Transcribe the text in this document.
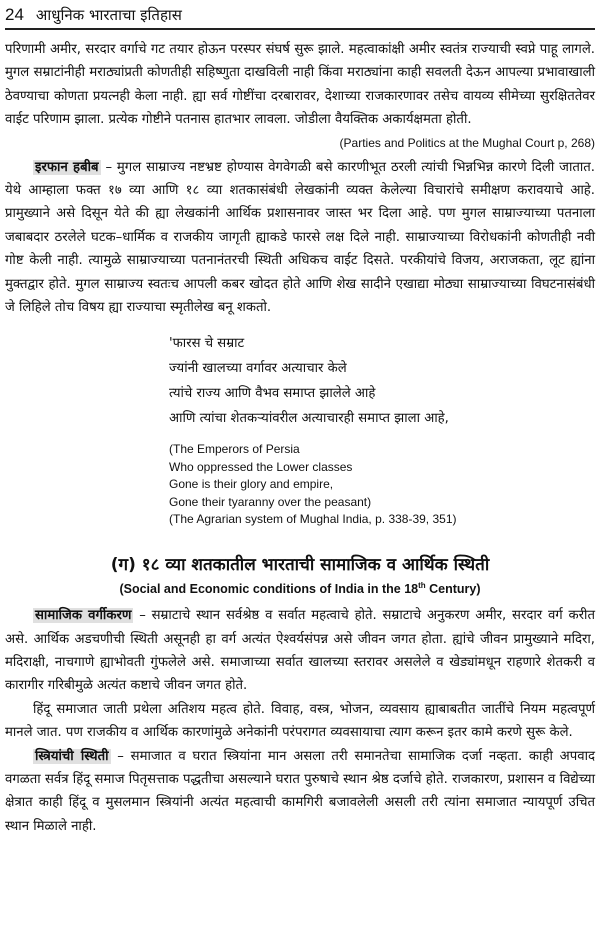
24 आधुनिक भारताचा इतिहास

परिणामी अमीर, सरदार वर्गाचे गट तयार होऊन परस्पर संघर्ष सुरू झाले. महत्वाकांक्षी अमीर स्वतंत्र राज्याची स्वप्ने पाहू लागले. मुगल सम्राटांनीही मराठ्यांप्रती कोणतीही सहिष्णुता दाखविली नाही किंवा मराठ्यांना काही सवलती देऊन आपल्या प्रभावाखाली ठेवण्याचा कोणता प्रयत्नही केला नाही. ह्या सर्व गोष्टींचा दरबारावर, देशाच्या राजकारणावर तसेच वायव्य सीमेच्या सुरक्षिततेवर वाईट परिणाम झाला. प्रत्येक गोष्टीने पतनास हातभार लावला. जोडीला वैयक्तिक अकार्यक्षमता होती.

(Parties and Politics at the Mughal Court p, 268)

इरफान हबीब – मुगल साम्राज्य नष्टभ्रष्ट होण्यास वेगवेगळी बसे कारणीभूत ठरली त्यांची भिन्नभिन्न कारणे दिली जातात. येथे आम्हाला फक्त १७ व्या आणि १८ व्या शतकासंबंधी लेखकांनी व्यक्त केलेल्या विचारांचे समीक्षण करावयाचे आहे. प्रामुख्याने असे दिसून येते की ह्या लेखकांनी आर्थिक प्रशासनावर जास्त भर दिला आहे. पण मुगल साम्राज्याच्या पतनाला जबाबदार ठरलेले घटक–धार्मिक व राजकीय जागृती ह्याकडे फारसे लक्ष दिले नाही. साम्राज्याच्या विरोधकांनी कोणतीही नवी गोष्ट केली नाही. त्यामुळे साम्राज्याच्या पतनानंतरची स्थिती अधिकच वाईट दिसते. परकीयांचे विजय, अराजकता, लूट ह्यांना मुक्तद्वार होते. मुगल साम्राज्य स्वतःच आपली कबर खोदत होते आणि शेख सादीने एखाद्या मोठ्या साम्राज्याच्या विघटनासंबंधी जे लिहिले तोच विषय ह्या राज्याचा स्मृतीलेख बनू शकतो.

'फारस चे सम्राट
ज्यांनी खालच्या वर्गावर अत्याचार केले
त्यांचे राज्य आणि वैभव समाप्त झालेले आहे
आणि त्यांचा शेतकऱ्यांवरील अत्याचारही समाप्त झाला आहे,
(The Emperors of Persia
Who oppressed the Lower classes
Gone is their glory and empire,
Gone their tyaranny over the peasant)
(The Agrarian system of Mughal India, p. 338-39, 351)
(ग) १८ व्या शतकातील भारताची सामाजिक व आर्थिक स्थिती
(Social and Economic conditions of India in the 18th Century)

सामाजिक वर्गीकरण – सम्राटाचे स्थान सर्वश्रेष्ठ व सर्वात महत्वाचे होते. सम्राटाचे अनुकरण अमीर, सरदार वर्ग करीत असे. आर्थिक अडचणीची स्थिती असूनही हा वर्ग अत्यंत ऐश्वर्यसंपन्न असे जीवन जगत होता. ह्यांचे जीवन प्रामुख्याने मदिरा, मदिराक्षी, नाचगाणे ह्याभोवती गुंफलेले असे. समाजाच्या सर्वात खालच्या स्तरावर असलेले व खेड्यांमधून राहणारे शेतकरी व कारागीर गरिबीमुळे अत्यंत कष्टाचे जीवन जगत होते.

हिंदू समाजात जाती प्रथेला अतिशय महत्व होते. विवाह, वस्त्र, भोजन, व्यवसाय ह्याबाबतीत जातींचे नियम महत्वपूर्ण मानले जात. पण राजकीय व आर्थिक कारणांमुळे अनेकांनी परंपरागत व्यवसायाचा त्याग करून इतर कामे करणे सुरू केले.

स्त्रियांची स्थिती – समाजात व घरात स्त्रियांना मान असला तरी समानतेचा सामाजिक दर्जा नव्हता. काही अपवाद वगळता सर्वत्र हिंदू समाज पितृसत्ताक पद्धतीचा असल्याने घरात पुरुषाचे स्थान श्रेष्ठ दर्जाचे होते. राजकारण, प्रशासन व विद्येच्या क्षेत्रात काही हिंदू व मुसलमान स्त्रियांनी अत्यंत महत्वाची कामगिरी बजावलेली असली तरी त्यांना समाजात न्यायपूर्ण उचित स्थान मिळाले नाही.
